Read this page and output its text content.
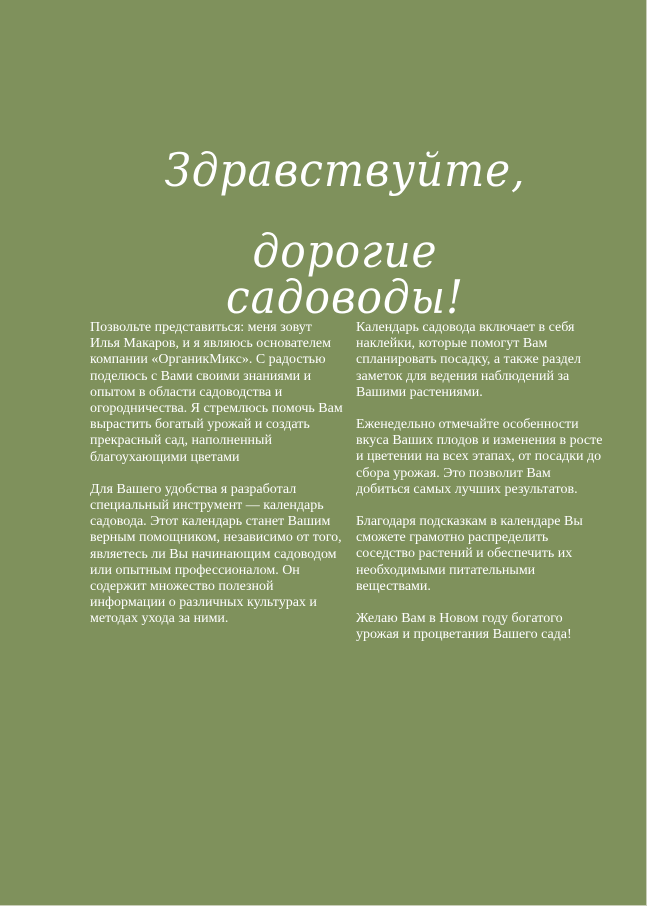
Здравствуйте,
дорогие садоводы!

Позвольте представиться: меня зовут Илья Макаров, и я являюсь основателем компании «ОрганикМикс». С радостью поделюсь с Вами своими знаниями и опытом в области садоводства и огородничества. Я стремлюсь помочь Вам вырастить богатый урожай и создать прекрасный сад, наполненный благоухающими цветами

Для Вашего удобства я разработал специальный инструмент — календарь садовода. Этот календарь станет Вашим верным помощником, независимо от того, являетесь ли Вы начинающим садоводом или опытным профессионалом. Он содержит множество полезной информации о различных культурах и методах ухода за ними.

Календарь садовода включает в себя наклейки, которые помогут Вам спланировать посадку, а также раздел заметок для ведения наблюдений за Вашими растениями.

Еженедельно отмечайте особенности вкуса Ваших плодов и изменения в росте и цветении на всех этапах, от посадки до сбора урожая. Это позволит Вам добиться самых лучших результатов.

Благодаря подсказкам в календаре Вы сможете грамотно распределить соседство растений и обеспечить их необходимыми питательными веществами.

Желаю Вам в Новом году богатого урожая и процветания Вашего сада!
